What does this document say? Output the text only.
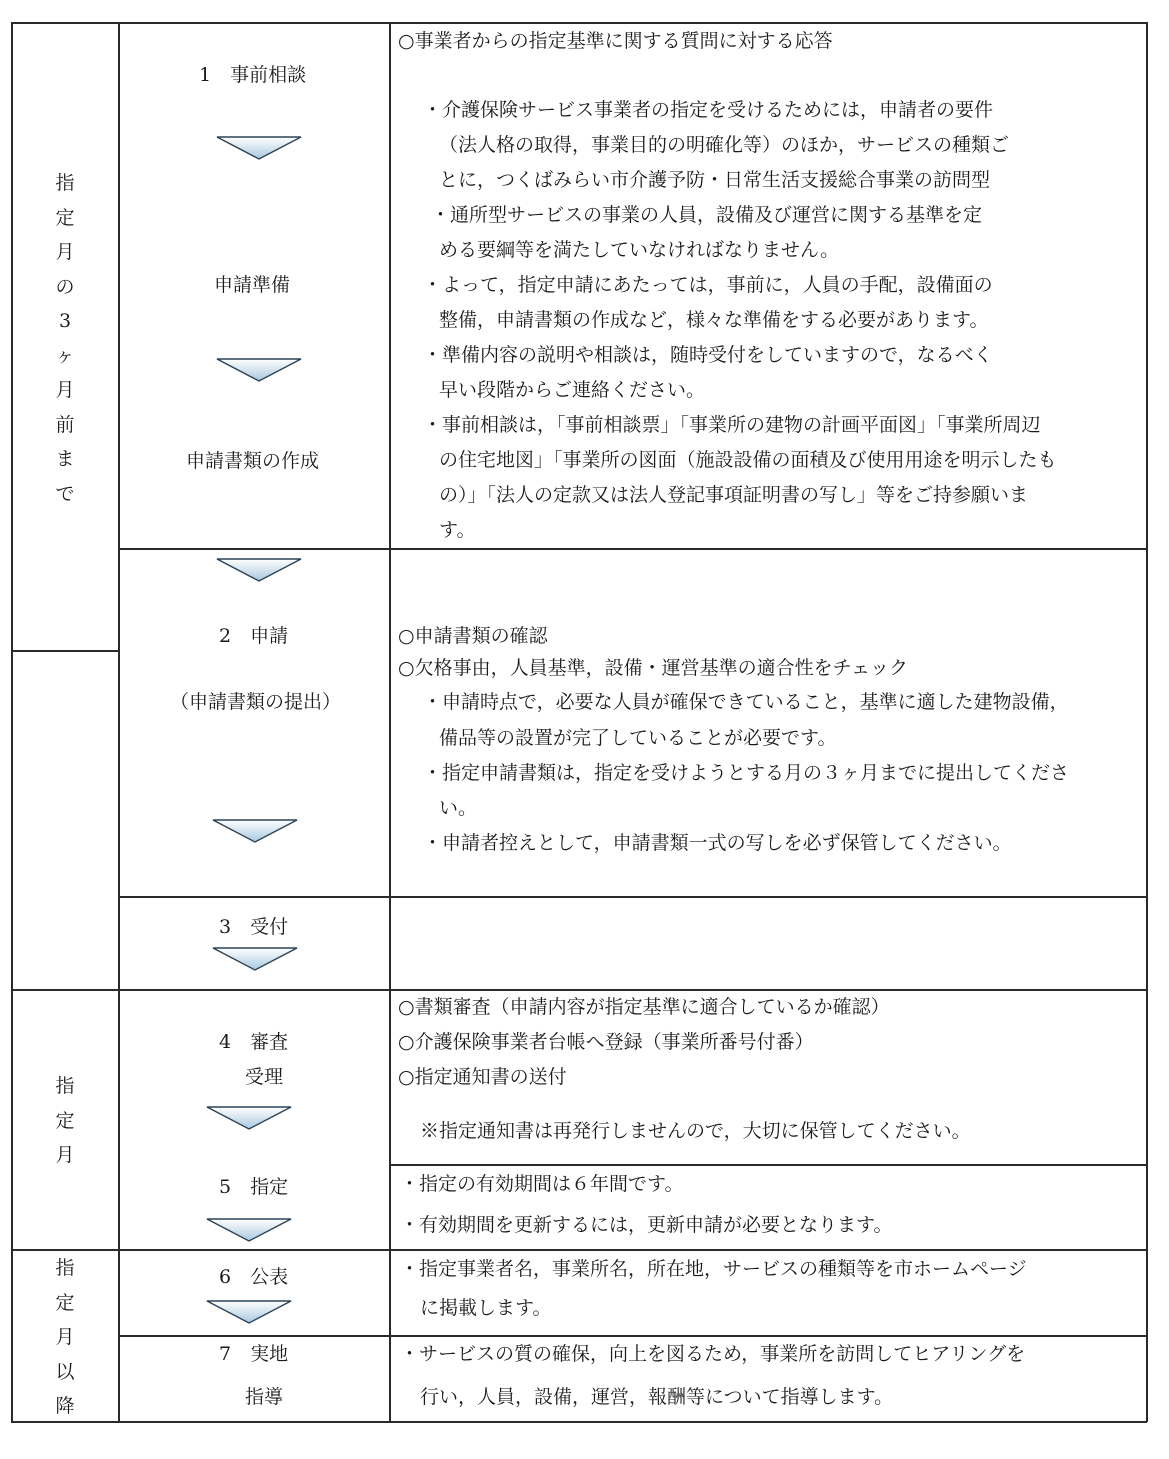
指定月の3ヶ月前まで
指定月
指定月以降
1　事前相談
申請準備
申請書類の作成
2　申請
（申請書類の提出）
3　受付
4　審査
受理
5　指定
6　公表
7　実地
指導
○事業者からの指定基準に関する質問に対する応答
・介護保険サービス事業者の指定を受けるためには，申請者の要件
（法人格の取得，事業目的の明確化等）のほか，サービスの種類ご
とに，つくばみらい市介護予防・日常生活支援総合事業の訪問型
・通所型サービスの事業の人員，設備及び運営に関する基準を定
める要綱等を満たしていなければなりません。
・よって，指定申請にあたっては，事前に，人員の手配，設備面の
整備，申請書類の作成など，様々な準備をする必要があります。
・準備内容の説明や相談は，随時受付をしていますので，なるべく
早い段階からご連絡ください。
・事前相談は，「事前相談票」「事業所の建物の計画平面図」「事業所周辺
の住宅地図」「事業所の図面（施設設備の面積及び使用用途を明示したも
の）」「法人の定款又は法人登記事項証明書の写し」等をご持参願いま
す。
○申請書類の確認
○欠格事由，人員基準，設備・運営基準の適合性をチェック
・申請時点で，必要な人員が確保できていること，基準に適した建物設備，
備品等の設置が完了していることが必要です。
・指定申請書類は，指定を受けようとする月の３ヶ月までに提出してくださ
い。
・申請者控えとして，申請書類一式の写しを必ず保管してください。
○書類審査（申請内容が指定基準に適合しているか確認）
○介護保険事業者台帳へ登録（事業所番号付番）
○指定通知書の送付
※指定通知書は再発行しませんので，大切に保管してください。
・指定の有効期間は６年間です。
・有効期間を更新するには，更新申請が必要となります。
・指定事業者名，事業所名，所在地，サービスの種類等を市ホームページ
に掲載します。
・サービスの質の確保，向上を図るため，事業所を訪問してヒアリングを
行い，人員，設備，運営，報酬等について指導します。
